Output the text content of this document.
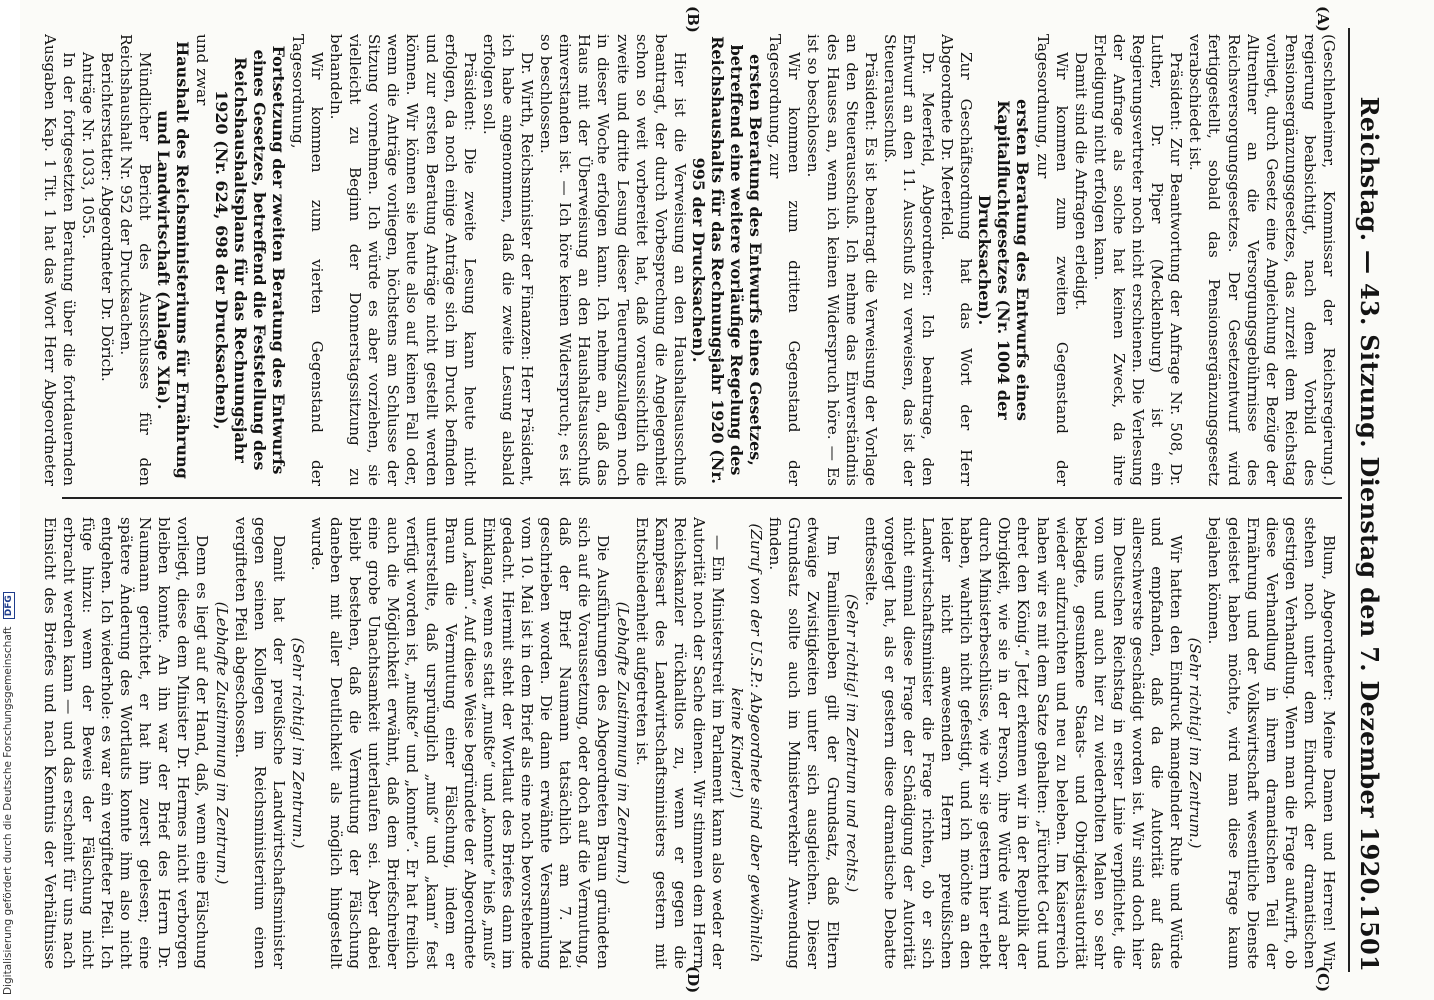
Reichstag. — 43. Sitzung. Dienstag den 7. Dezember 1920.
1501
(A)
(B)
(C)
(D)

(Geschlenheimer, Kommissar der Reichsregierung.) regierung beabsichtigt, nach dem Vorbild des Pensionsergänzungsgesetzes, das zurzeit dem Reichstag vorliegt, durch Gesetz eine Angleichung der Bezüge der Altrentner an die Versorgungsgebührnisse des Reichsversorgungsgesetzes. Der Gesetzentwurf wird fertiggestellt, sobald das Pensionsergänzungsgesetz verabschiedet ist.

Präsident: Zur Beantwortung der Anfrage Nr. 508, Dr. Luther, Dr. Piper (Mecklenburg) ist ein Regierungsvertreter noch nicht erschienen. Die Verlesung der Anfrage als solche hat keinen Zweck, da ihre Erledigung nicht erfolgen kann.

Damit sind die Anfragen erledigt.

Wir kommen zum zweiten Gegenstand der Tagesordnung, zur

ersten Beratung des Entwurfs eines Kapitalfluchtgesetzes (Nr. 1004 der Drucksachen).

Zur Geschäftsordnung hat das Wort der Herr Abgeordnete Dr. Meerfeld.

Dr. Meerfeld, Abgeordneter: Ich beantrage, den Entwurf an den 11. Ausschuß zu verweisen, das ist der Steuerausschuß.

Präsident: Es ist beantragt die Verweisung der Vorlage an den Steuerausschuß. Ich nehme das Einverständnis des Hauses an, wenn ich keinen Widerspruch höre. — Es ist so beschlossen.

Wir kommen zum dritten Gegenstand der Tagesordnung, zur

ersten Beratung des Entwurfs eines Gesetzes, betreffend eine weitere vorläufige Regelung des Reichshaushalts für das Rechnungsjahr 1920 (Nr. 995 der Drucksachen).

Hier ist die Verweisung an den Haushaltsausschuß beantragt, der durch Vorbesprechung die Angelegenheit schon so weit vorbereitet hat, daß voraussichtlich die zweite und dritte Lesung dieser Teuerungszulagen noch in dieser Woche erfolgen kann. Ich nehme an, daß das Haus mit der Überweisung an den Haushaltsausschuß einverstanden ist. — Ich höre keinen Widerspruch; es ist so beschlossen.

Dr. Wirth, Reichsminister der Finanzen: Herr Präsident, ich habe angenommen, daß die zweite Lesung alsbald erfolgen soll.

Präsident: Die zweite Lesung kann heute nicht erfolgen, da noch einige Anträge sich im Druck befinden und zur ersten Beratung Anträge nicht gestellt werden können. Wir können sie heute also auf keinen Fall oder, wenn die Anträge vorliegen, höchstens am Schlusse der Sitzung vornehmen. Ich würde es aber vorziehen, sie vielleicht zu Beginn der Donnerstagssitzung zu behandeln.

Wir kommen zum vierten Gegenstand der Tagesordnung,

Fortsetzung der zweiten Beratung des Entwurfs eines Gesetzes, betreffend die Feststellung des Reichshaushaltsplans für das Rechnungsjahr 1920 (Nr. 624, 698 der Drucksachen),

und zwar

Haushalt des Reichsministeriums für Ernährung und Landwirtschaft (Anlage XIa).

Mündlicher Bericht des Ausschusses für den Reichshaushalt Nr. 952 der Drucksachen.

Berichterstatter: Abgeordneter Dr. Dörich.

Anträge Nr. 1033, 1055.

In der fortgesetzten Beratung über die fortdauernden Ausgaben Kap. 1 Tit. 1 hat das Wort Herr Abgeordneter

Blum, Abgeordneter: Meine Damen und Herren! Wir stehen noch unter dem Eindruck der dramatischen gestrigen Verhandlung. Wenn man die Frage aufwirft, ob diese Verhandlung in ihrem dramatischen Teil der Ernährung und der Volkswirtschaft wesentliche Dienste geleistet haben möchte, wird man diese Frage kaum bejahen können.

(Sehr richtig! im Zentrum.)

Wir hatten den Eindruck mangelnder Ruhe und Würde und empfanden, daß da die Autorität auf das allerschwerste geschädigt worden ist. Wir sind doch hier im Deutschen Reichstag in erster Linie verpflichtet, die von uns und auch hier zu wiederholten Malen so sehr beklagte, gesunkene Staats- und Obrigkeitsautorität wieder aufzurichten und neu zu beleben. Im Kaiserreich haben wir es mit dem Satze gehalten: „Fürchtet Gott und ehret den König.“ Jetzt erkennen wir in der Republik der Obrigkeit, wie sie in der Person, ihre Würde wird aber durch Ministerbeschlüsse, wie wir sie gestern hier erlebt haben, wahrlich nicht gefestigt, und ich möchte an den leider nicht anwesenden Herrn preußischen Landwirtschaftsminister die Frage richten, ob er sich nicht einmal diese Frage der Schädigung der Autorität vorgelegt hat, als er gestern diese dramatische Debatte entfesselte.

(Sehr richtig! im Zentrum und rechts.)

Im Familienleben gilt der Grundsatz, daß Eltern etwaige Zwistigkeiten unter sich ausgleichen. Dieser Grundsatz sollte auch im Ministerverkehr Anwendung finden.

(Zuruf von der U.S.P.: Abgeordnete sind aber gewöhnlich keine Kinder!)

— Ein Ministerstreit im Parlament kann also weder der Autorität noch der Sache dienen. Wir stimmen dem Herrn Reichskanzler rückhaltlos zu, wenn er gegen die Kampfesart des Landwirtschaftsministers gestern mit Entschiedenheit aufgetreten ist.

(Lebhafte Zustimmung im Zentrum.)

Die Ausführungen des Abgeordneten Braun gründeten sich auf die Voraussetzung, oder doch auf die Vermutung, daß der Brief Naumann tatsächlich am 7. Mai geschrieben worden. Die dann erwähnte Versammlung vom 10. Mai ist in dem Brief als eine noch bevorstehende gedacht. Hiermit steht der Wortlaut des Briefes dann im Einklang, wenn es statt „mußte“ und „konnte“ hieß „muß“ und „kann“. Auf diese Weise begründete der Abgeordnete Braun die Vermutung einer Fälschung, indem er unterstellte, daß ursprünglich „muß“ und „kann“ fest verfügt worden ist, „mußte“ und „konnte“. Er hat freilich auch die Möglichkeit erwähnt, daß dem Briefschreiber eine grobe Unachtsamkeit unterlaufen sei. Aber dabei bleibt bestehen, daß die Vermutung der Fälschung daneben mit aller Deutlichkeit als möglich hingestellt wurde.

(Sehr richtig! im Zentrum.)

Damit hat der preußische Landwirtschaftsminister gegen seinen Kollegen im Reichsministerium einen vergifteten Pfeil abgeschossen.

(Lebhafte Zustimmung im Zentrum.)

Denn es liegt auf der Hand, daß, wenn eine Fälschung vorliegt, diese dem Minister Dr. Hermes nicht verborgen bleiben konnte. An ihn war der Brief des Herrn Dr. Naumann gerichtet, er hat ihn zuerst gelesen; eine spätere Änderung des Wortlauts konnte ihm also nicht entgehen. Ich wiederhole: es war ein vergifteter Pfeil. Ich füge hinzu: wenn der Beweis der Fälschung nicht erbracht werden kann — und das erscheint für uns nach Einsicht des Briefes und nach Kenntnis der Verhältnisse

Digitalisierung gefördert durch die Deutsche Forschungsgemeinschaft DFG
